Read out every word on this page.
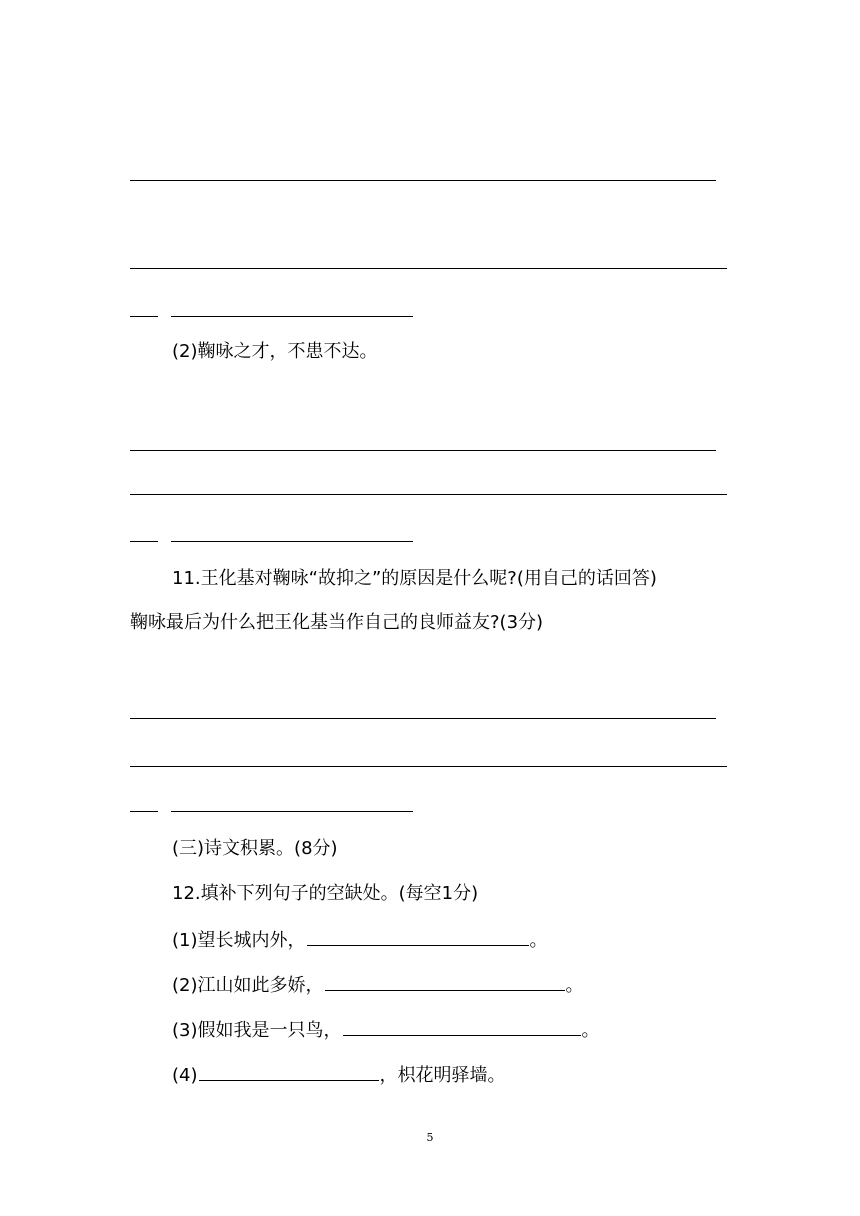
(2)鞠咏之才，不患不达。
11.王化基对鞠咏“故抑之”的原因是什么呢?(用自己的话回答)
鞠咏最后为什么把王化基当作自己的良师益友?(3分)
(三)诗文积累。(8分)
12.填补下列句子的空缺处。(每空1分)
(1)望长城内外，	。
(2)江山如此多娇，	。
(3)假如我是一只鸟，	。
(4)	，枳花明驿墙。
5
